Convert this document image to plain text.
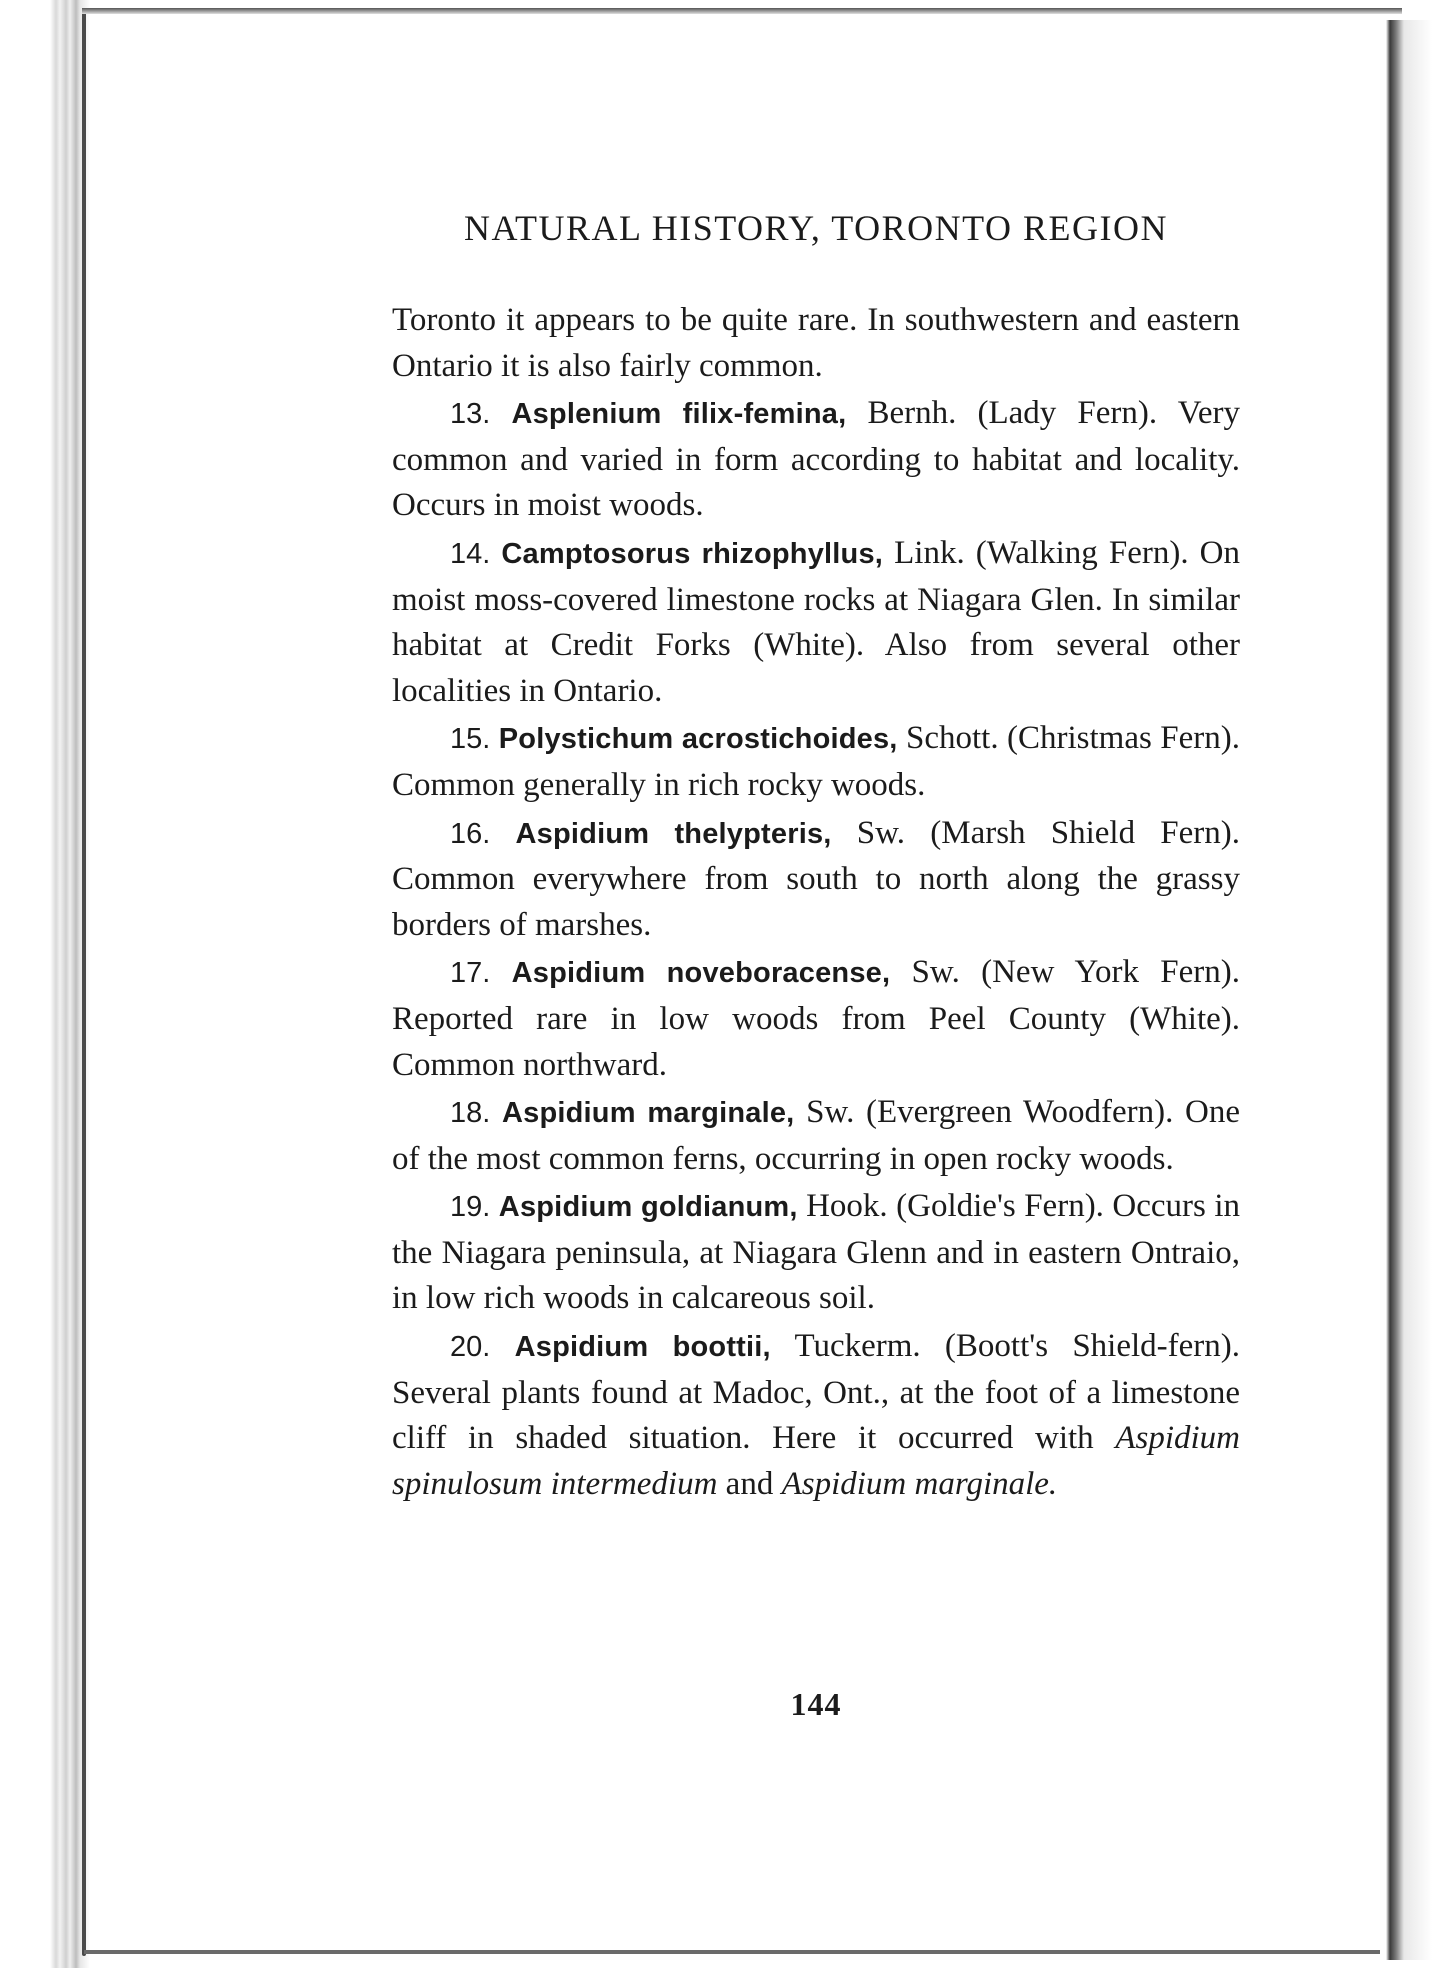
NATURAL HISTORY, TORONTO REGION

Toronto it appears to be quite rare. In southwestern and eastern Ontario it is also fairly common.

13. Asplenium filix-femina, Bernh. (Lady Fern). Very common and varied in form according to habitat and locality. Occurs in moist woods.

14. Camptosorus rhizophyllus, Link. (Walking Fern). On moist moss-covered limestone rocks at Niagara Glen. In similar habitat at Credit Forks (White). Also from several other localities in Ontario.

15. Polystichum acrostichoides, Schott. (Christmas Fern). Common generally in rich rocky woods.

16. Aspidium thelypteris, Sw. (Marsh Shield Fern). Common everywhere from south to north along the grassy borders of marshes.

17. Aspidium noveboracense, Sw. (New York Fern). Reported rare in low woods from Peel County (White). Common northward.

18. Aspidium marginale, Sw. (Evergreen Woodfern). One of the most common ferns, occurring in open rocky woods.

19. Aspidium goldianum, Hook. (Goldie's Fern). Occurs in the Niagara peninsula, at Niagara Glenn and in eastern Ontraio, in low rich woods in calcareous soil.

20. Aspidium boottii, Tuckerm. (Boott's Shield-fern). Several plants found at Madoc, Ont., at the foot of a limestone cliff in shaded situation. Here it occurred with Aspidium spinulosum intermedium and Aspidium marginale.

144
